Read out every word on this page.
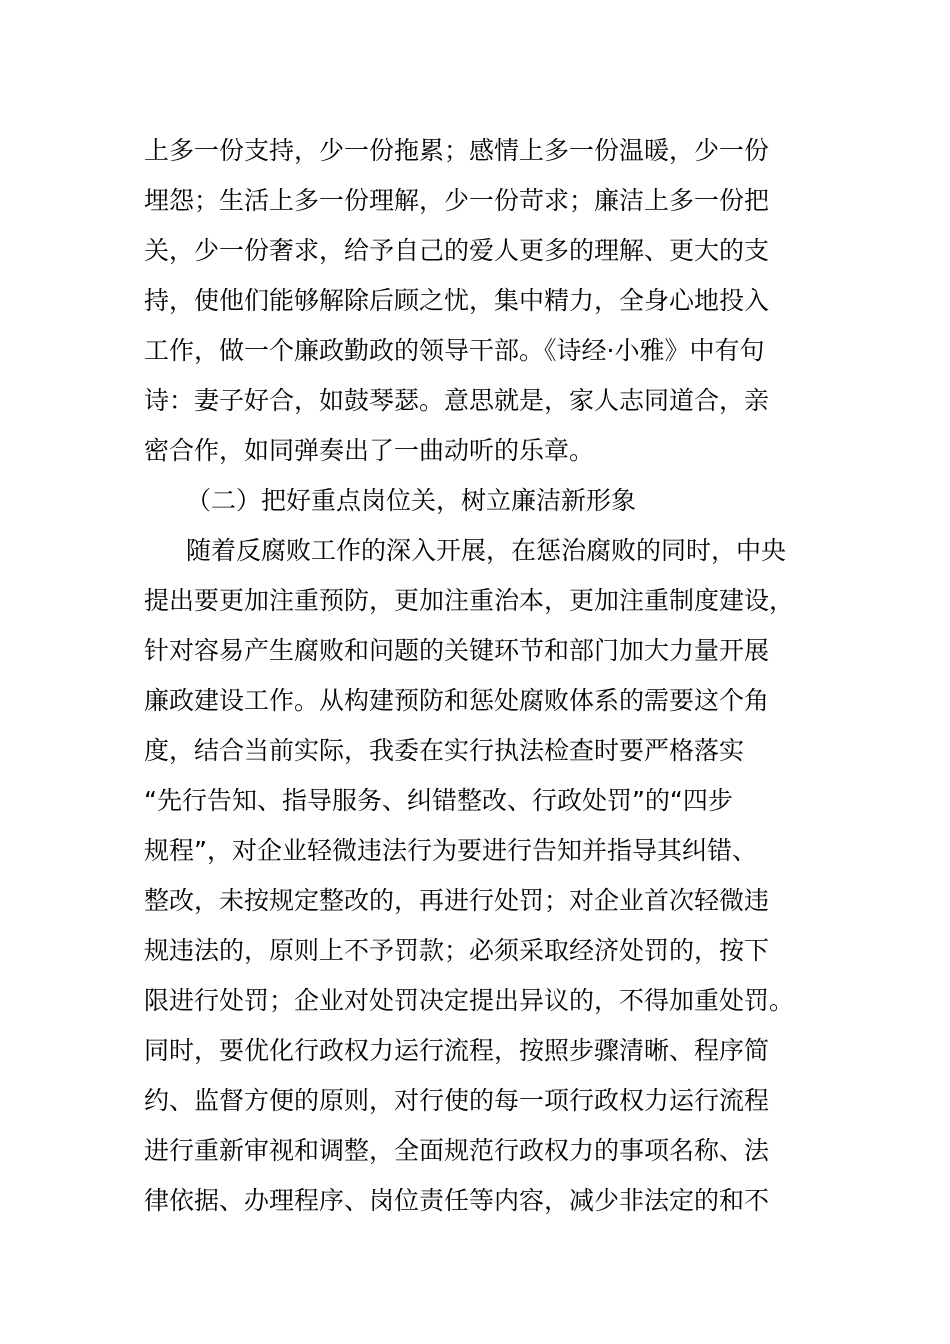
上多一份支持，少一份拖累；感情上多一份温暖，少一份
埋怨；生活上多一份理解，少一份苛求；廉洁上多一份把
关，少一份奢求，给予自己的爱人更多的理解、更大的支
持，使他们能够解除后顾之忧，集中精力，全身心地投入
工作，做一个廉政勤政的领导干部。《诗经·小雅》中有句
诗：妻子好合，如鼓琴瑟。意思就是，家人志同道合，亲
密合作，如同弹奏出了一曲动听的乐章。
（二）把好重点岗位关，树立廉洁新形象
随着反腐败工作的深入开展，在惩治腐败的同时，中央
提出要更加注重预防，更加注重治本，更加注重制度建设，
针对容易产生腐败和问题的关键环节和部门加大力量开展
廉政建设工作。从构建预防和惩处腐败体系的需要这个角
度，结合当前实际，我委在实行执法检查时要严格落实
“先行告知、指导服务、纠错整改、行政处罚”的“四步
规程”，对企业轻微违法行为要进行告知并指导其纠错、
整改，未按规定整改的，再进行处罚；对企业首次轻微违
规违法的，原则上不予罚款；必须采取经济处罚的，按下
限进行处罚；企业对处罚决定提出异议的，不得加重处罚。
同时，要优化行政权力运行流程，按照步骤清晰、程序简
约、监督方便的原则，对行使的每一项行政权力运行流程
进行重新审视和调整，全面规范行政权力的事项名称、法
律依据、办理程序、岗位责任等内容，减少非法定的和不
